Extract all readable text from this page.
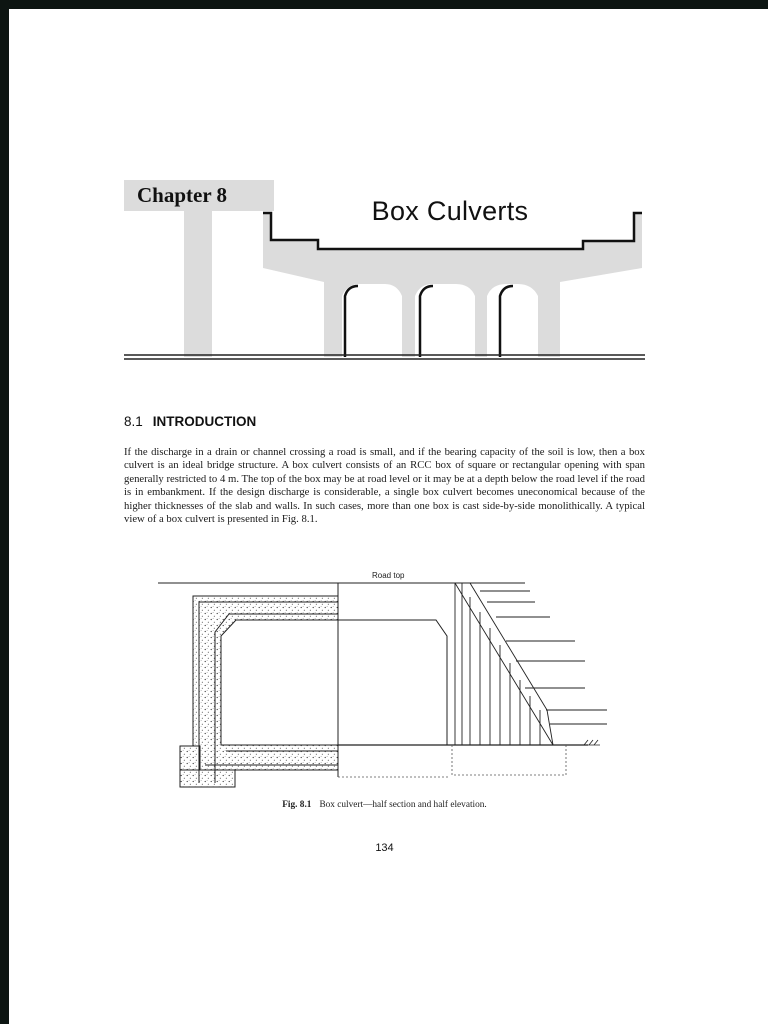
Chapter 8
Box Culverts
8.1 INTRODUCTION

If the discharge in a drain or channel crossing a road is small, and if the bearing capacity of the soil is low, then a box culvert is an ideal bridge structure. A box culvert consists of an RCC box of square or rectangular opening with span generally restricted to 4 m. The top of the box may be at road level or it may be at a depth below the road level if the road is in embankment. If the design discharge is considerable, a single box culvert becomes uneconomical because of the higher thicknesses of the slab and walls. In such cases, more than one box is cast side-by-side monolithically. A typical view of a box culvert is presented in Fig. 8.1.

Road top
Fig. 8.1 Box culvert—half section and half elevation.
134
